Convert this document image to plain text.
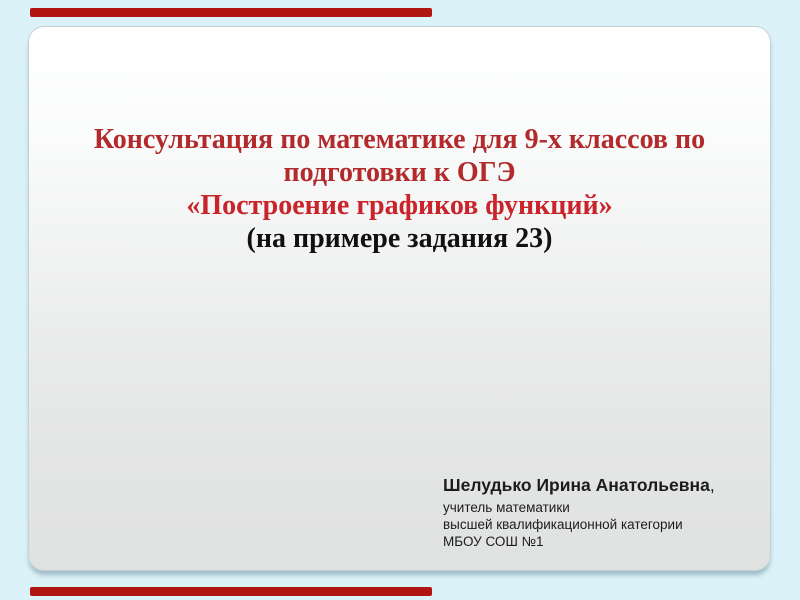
Консультация по математике для 9-х классов по
подготовки к ОГЭ

«Построение графиков функций»

(на примере задания 23)

Шелудько Ирина Анатольевна,
учитель математики
высшей квалификационной категории
МБОУ СОШ №1
